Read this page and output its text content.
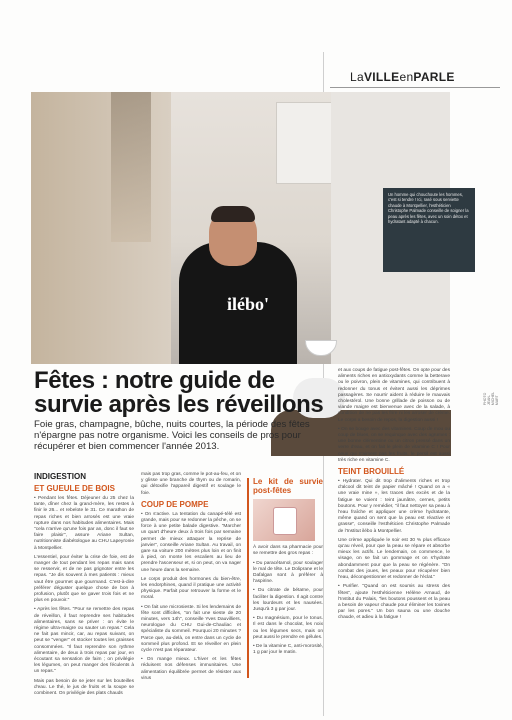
LaVILLEenPARLE
ilébo'

Un homme qui chouchoute les hommes, c'est si tendre ! Ici, rasé sous serviette chaude à Montpellier, l'esthéticien Christophe Palmade conseille de soigner la peau après les fêtes, avec un soin détox et hydratant adapté à chacun.

PHOTO JEAN-MICHEL MART
Fêtes : notre guide de survie après les réveillons

Foie gras, champagne, bûche, nuits courtes, la période des fêtes n'épargne pas notre organisme. Voici les conseils de pros pour récupérer et bien commencer l'année 2013.

INDIGESTION

ET GUEULE DE BOIS

• Pendant les fêtes. Déjeuner du 25 chez la tante, dîner chez la grand-mère, les restes à finir le 26... et rebelote le 31. Ce marathon de repas riches et bien arrosés est une vraie rupture dans nos habitudes alimentaires. Mais "cela n'arrive qu'une fois par an, donc il faut se faire plaisir", assure Ariane Sultan, nutritionniste diabétologue au CHU Lapeyronie à Montpellier.

L'essentiel, pour éviter la crise de foie, est de manger de tout pendant les repas mais sans se resservir, et de ne pas grignoter entre les repas. "Je dis souvent à mes patients : mieux vaut être gourmet que gourmand. C'est-à-dire préférer déguster quelque chose de bon à profusion, plutôt que se gaver trois fois et ne plus en pouvoir."

• Après les fêtes. "Pour se remettre des repas de réveillon, il faut reprendre ses habitudes alimentaires, sans se priver : on évite le régime ultra-maigre ou sauter un repas." Cela ne fait pas mincir, car, au repas suivant, on peut se "venger" et stocker toutes les graisses consommées. "Il faut reprendre son rythme alimentaire, de deux à trois repas par jour, en écoutant sa sensation de faim ; on privilégie les légumes, on peut manger des féculents à un repas."

Mais pas besoin de se jeter sur les bouteilles d'eau. Le thé, le jus de fruits et la soupe se combinent. On privilégie des plats chauds

mais pas trop gras, comme le pot-au-feu, et on y glisse une branche de thym ou de romarin, qui détoxifie l'appareil digestif et soulage le foie.

COUP DE POMPE

• On s'active. La tentation du canapé-télé est grande, mais pour se redonner la pêche, on se force à une petite balade digestive. "Marcher un quart d'heure deux à trois fois par semaine permet de mieux attaquer la reprise de janvier", conseille Ariane Sultan. Au travail, on gare sa voiture 200 mètres plus loin et on finit à pied, on monte les escaliers au lieu de prendre l'ascenseur et, si on peut, on va nager une heure dans la semaine.

Le corps produit des hormones du bien-être, les endorphines, quand il pratique une activité physique. Parfait pour retrouver la forme et le moral.

• On fait une microsieste. Si les lendemains de fête sont difficiles, "on fait une sieste de 20 minutes, vers 14h", conseille Yves Dauvilliers, neurologue du CHU Gui-de-Chauliac et spécialiste du sommeil. Pourquoi 20 minutes ? Parce que, au-delà, on entre dans un cycle de sommeil plus profond. Et se réveiller en plein cycle n'est pas réparateur.

• On mange mieux. L'hiver et les fêtes réduisent nos défenses immunitaires. Une alimentation équilibrée permet de résister aux virus

Le kit de survie post-fêtes

À avoir dans sa pharmacie pour se remettre des gros repas :

• Du paracétamol, pour soulager le mal de tête. Le Doliprane et le Dafalgan sont à préférer à l'aspirine.

• Du citrate de bétaïne, pour faciliter la digestion. Il agit contre les lourdeurs et les nausées. Jusqu'à 3 g par jour.

• Du magnésium, pour le tonus. Il est dans le chocolat, les noix ou les légumes secs, mais on peut aussi le prendre en gélules.

• De la vitamine C, anti-morosité, 1 g par jour le matin.

et aux coups de fatigue post-fêtes. On opte pour des aliments riches en antioxydants comme la betterave ou le poivron, plein de vitamines, qui contribuent à redonner du tonus et évitent aussi les déprimes passagères. Se nourrir aident à réduire le mauvais cholestérol. Une bonne grillade de poisson ou de viande maigre est bienvenue avec de la salade, à condition de ne pas les frire ni les arroser de crème. Le corps a besoin de repos, la digestion aussi !

• On se bouge avec des vitamines. Coup de mou ou coup de blues, on se requinque avec des agrumes : une bonne clémentine ou un citron pressé dans un verre d'eau, et on fait le plein de vitamine C ! Pour ceux qui n'aiment pas les fruits, le persil est aussi très riche en vitamine C.

TEINT BROUILLÉ

• Hydrater. Qui dit trop d'aliments riches et trop d'alcool dit teint de papier mâché ! Quand on a « une vraie mine », les traces des excès et de la fatigue se voient : teint jaunâtre, cernes, petits boutons. Pour y remédier, "il faut nettoyer sa peau à l'eau fraîche et appliquer une crème hydratante, même quand on sent que la peau est réactive et grasse", conseille l'esthéticien Christophe Palmade de l'Institut ilébo à Montpellier.

Une crème appliquée le soir est 30 % plus efficace qu'au réveil, pour que la peau se répare et absorbe mieux les actifs. Le lendemain, on commence, le visage, on se fait un gommage et on s'hydrate abondamment pour que la peau se régénère. "On combat des joues, les peaux pour récupérer bien l'eau, décongestionner et redonner de l'éclat."

• Purifier. "Quand on est soumis au stress des fêtes", ajoute l'esthéticienne Hélène Arnaud, de l'Institut du Palais, "les boutons poussent et la peau a besoin de vapeur chaude pour éliminer les toxines par les pores." Un bon sauna ou une douche chaude, et adieu à la fatigue !
